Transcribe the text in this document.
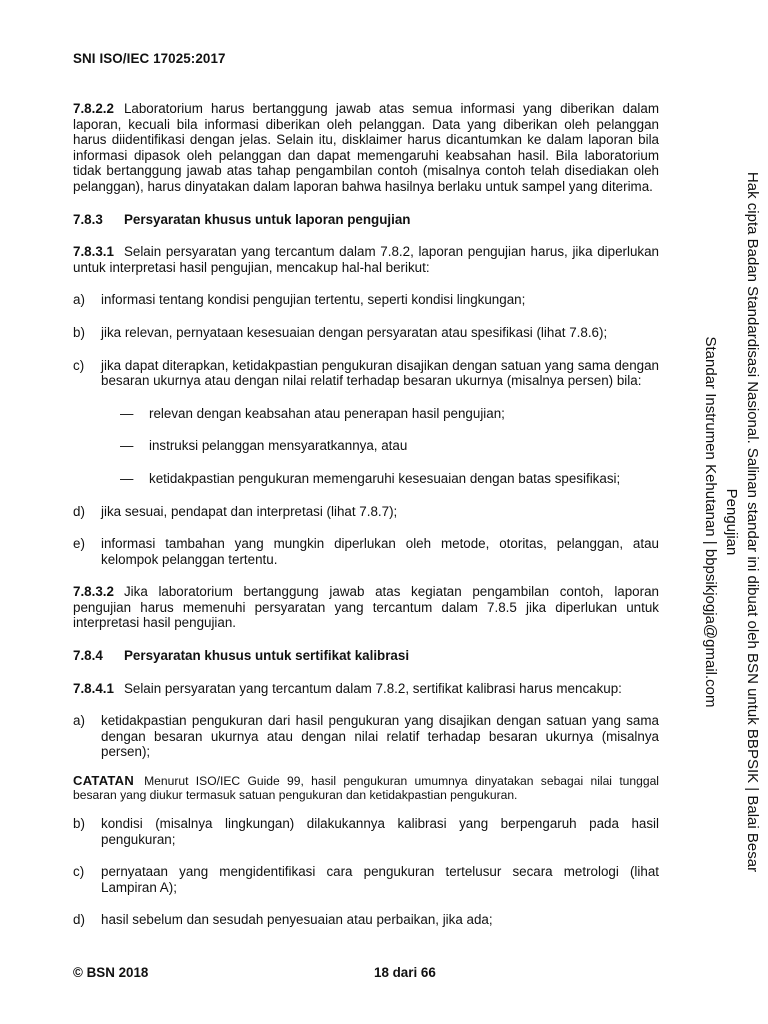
SNI ISO/IEC 17025:2017

7.8.2.2 Laboratorium harus bertanggung jawab atas semua informasi yang diberikan dalam laporan, kecuali bila informasi diberikan oleh pelanggan. Data yang diberikan oleh pelanggan harus diidentifikasi dengan jelas. Selain itu, disklaimer harus dicantumkan ke dalam laporan bila informasi dipasok oleh pelanggan dan dapat memengaruhi keabsahan hasil. Bila laboratorium tidak bertanggung jawab atas tahap pengambilan contoh (misalnya contoh telah disediakan oleh pelanggan), harus dinyatakan dalam laporan bahwa hasilnya berlaku untuk sampel yang diterima.

7.8.3 Persyaratan khusus untuk laporan pengujian

7.8.3.1 Selain persyaratan yang tercantum dalam 7.8.2, laporan pengujian harus, jika diperlukan untuk interpretasi hasil pengujian, mencakup hal-hal berikut:

a)	informasi tentang kondisi pengujian tertentu, seperti kondisi lingkungan;
b)	jika relevan, pernyataan kesesuaian dengan persyaratan atau spesifikasi (lihat 7.8.6);
c)	jika dapat diterapkan, ketidakpastian pengukuran disajikan dengan satuan yang sama dengan besaran ukurnya atau dengan nilai relatif terhadap besaran ukurnya (misalnya persen) bila:
—	relevan dengan keabsahan atau penerapan hasil pengujian;
—	instruksi pelanggan mensyaratkannya, atau
—	ketidakpastian pengukuran memengaruhi kesesuaian dengan batas spesifikasi;
d)	jika sesuai, pendapat dan interpretasi (lihat 7.8.7);
e)	informasi tambahan yang mungkin diperlukan oleh metode, otoritas, pelanggan, atau kelompok pelanggan tertentu.

7.8.3.2 Jika laboratorium bertanggung jawab atas kegiatan pengambilan contoh, laporan pengujian harus memenuhi persyaratan yang tercantum dalam 7.8.5 jika diperlukan untuk interpretasi hasil pengujian.

7.8.4 Persyaratan khusus untuk sertifikat kalibrasi

7.8.4.1 Selain persyaratan yang tercantum dalam 7.8.2, sertifikat kalibrasi harus mencakup:

a)	ketidakpastian pengukuran dari hasil pengukuran yang disajikan dengan satuan yang sama dengan besaran ukurnya atau dengan nilai relatif terhadap besaran ukurnya (misalnya persen);

CATATAN Menurut ISO/IEC Guide 99, hasil pengukuran umumnya dinyatakan sebagai nilai tunggal besaran yang diukur termasuk satuan pengukuran dan ketidakpastian pengukuran.

b)	kondisi (misalnya lingkungan) dilakukannya kalibrasi yang berpengaruh pada hasil pengukuran;
c)	pernyataan yang mengidentifikasi cara pengukuran tertelusur secara metrologi (lihat Lampiran A);
d)	hasil sebelum dan sesudah penyesuaian atau perbaikan, jika ada;
© BSN 2018	18 dari 66
Hak cipta Badan Standardisasi Nasional. Salinan standar ini dibuat oleh BSN untuk BBPSIK | Balai Besar Pengujian
Standar Instrumen Kehutanan | bbpsikjogja@gmail.com
